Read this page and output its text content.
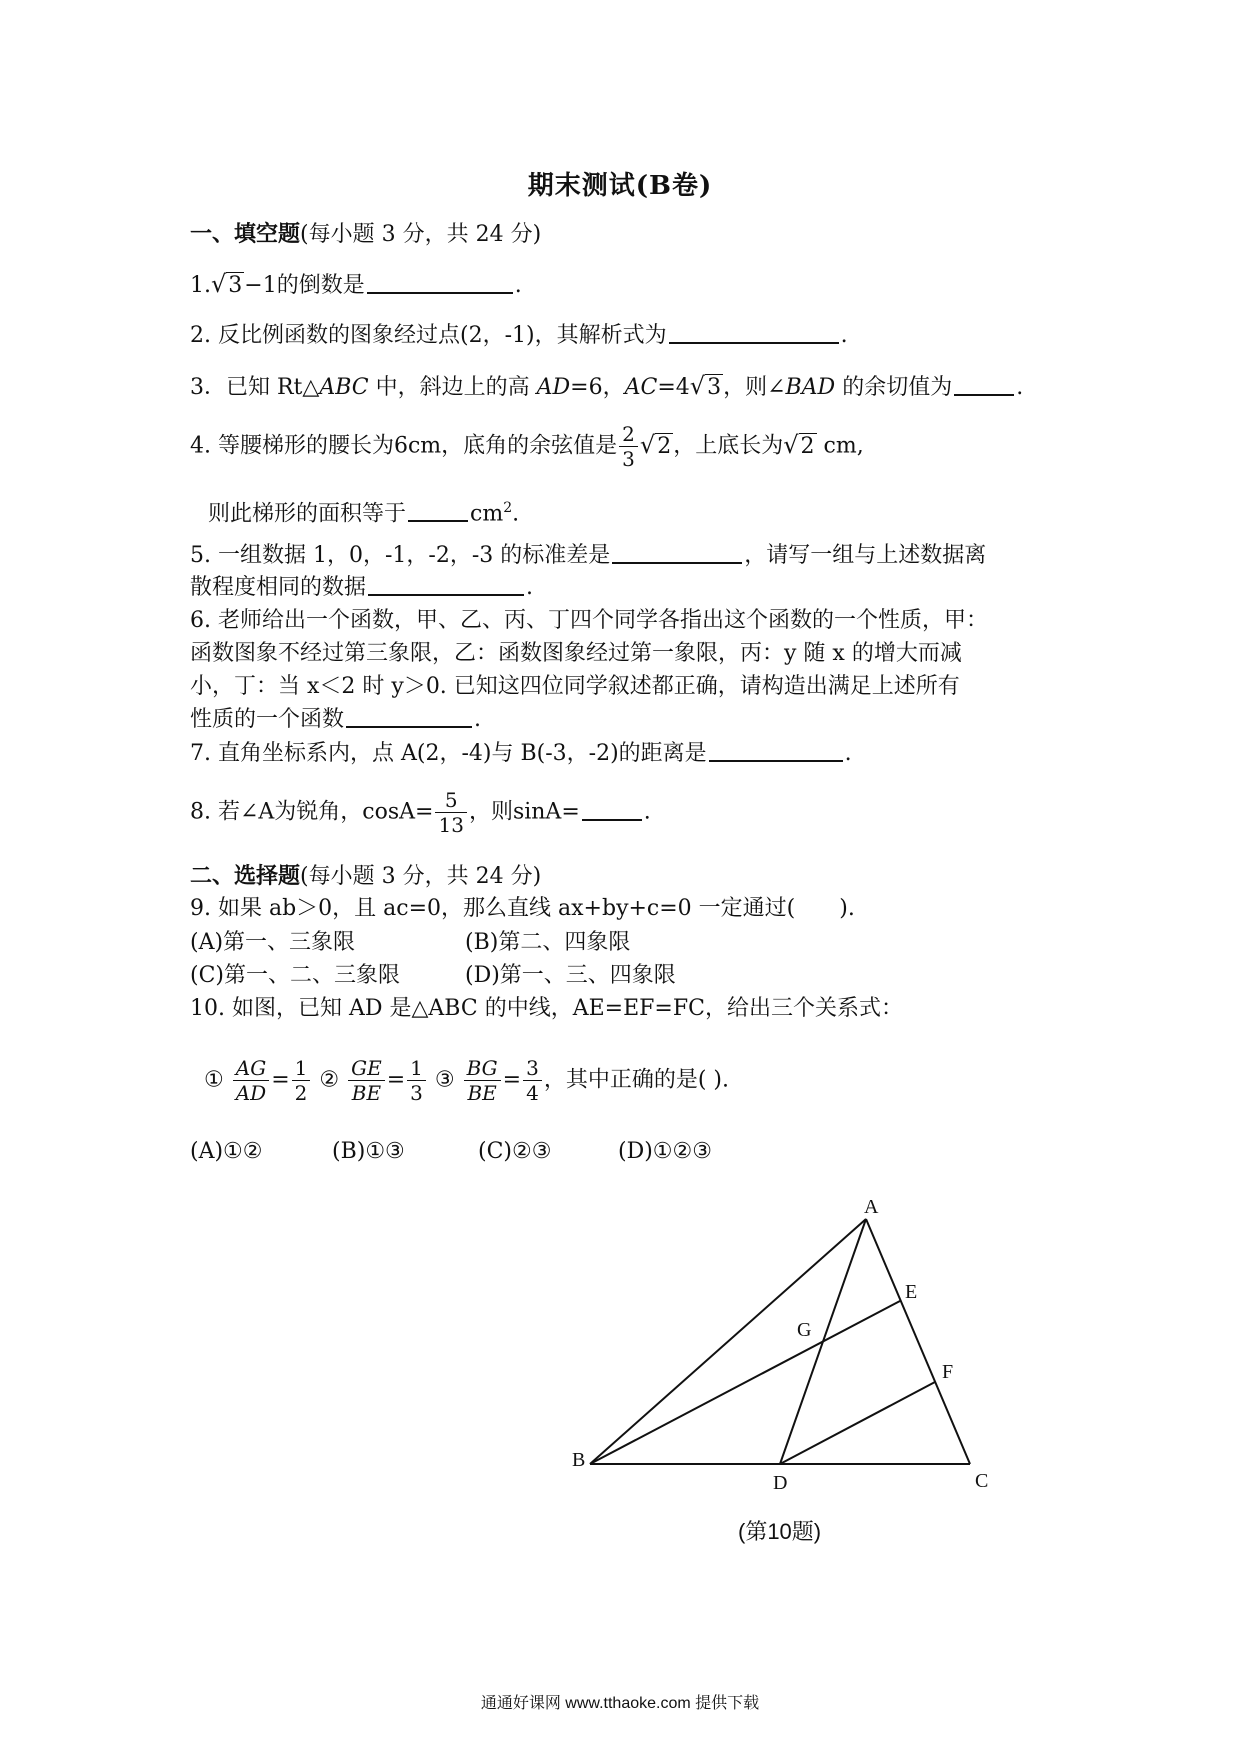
期末测试(B卷)
一、填空题(每小题 3 分，共 24 分)
1.√3−1的倒数是	.
2. 反比例函数的图象经过点(2，-1)，其解析式为	.
3．已知 Rt△ABC 中，斜边上的高 AD=6，AC=4√3，则∠BAD 的余切值为	.
4. 等腰梯形的腰长为6cm，底角的余弦值是 $\frac{2}{3} √2$，上底长为√2 cm,
则此梯形的面积等于	$cm^2$.
5. 一组数据 1，0，-1，-2，-3 的标准差是	，请写一组与上述数据离
散程度相同的数据	.
6. 老师给出一个函数，甲、乙、丙、丁四个同学各指出这个函数的一个性质，甲：
函数图象不经过第三象限，乙：函数图象经过第一象限，丙：y 随 x 的增大而减
小，丁：当 x＜2 时 y＞0. 已知这四位同学叙述都正确，请构造出满足上述所有
性质的一个函数	.
7. 直角坐标系内，点 A(2，-4)与 B(-3，-2)的距离是	.
8. 若∠A为锐角，$\cos A= \frac{5}{13}$ ，则sinA=	.
二、选择题(每小题 3 分，共 24 分)
9. 如果 ab＞0，且 ac=0，那么直线 ax+by+c=0 一定通过(　　).
(A)第一、三象限	(B)第二、四象限
(C)第一、二、三象限	(D)第一、三、四象限
10. 如图，已知 AD 是△ABC 的中线，AE=EF=FC，给出三个关系式：
① $\frac{AG}{AD} = \frac{1}{2}$ ② $\frac{GE}{BE} = \frac{1}{3}$ ③ $\frac{BG}{BE} = \frac{3}{4}$ ，其中正确的是( ).
(A)①②	(B)①③	(C)②③	(D)①②③
A
B
C
D
E
F
G
(第10题)
通通好课网 www.tthaoke.com 提供下载
